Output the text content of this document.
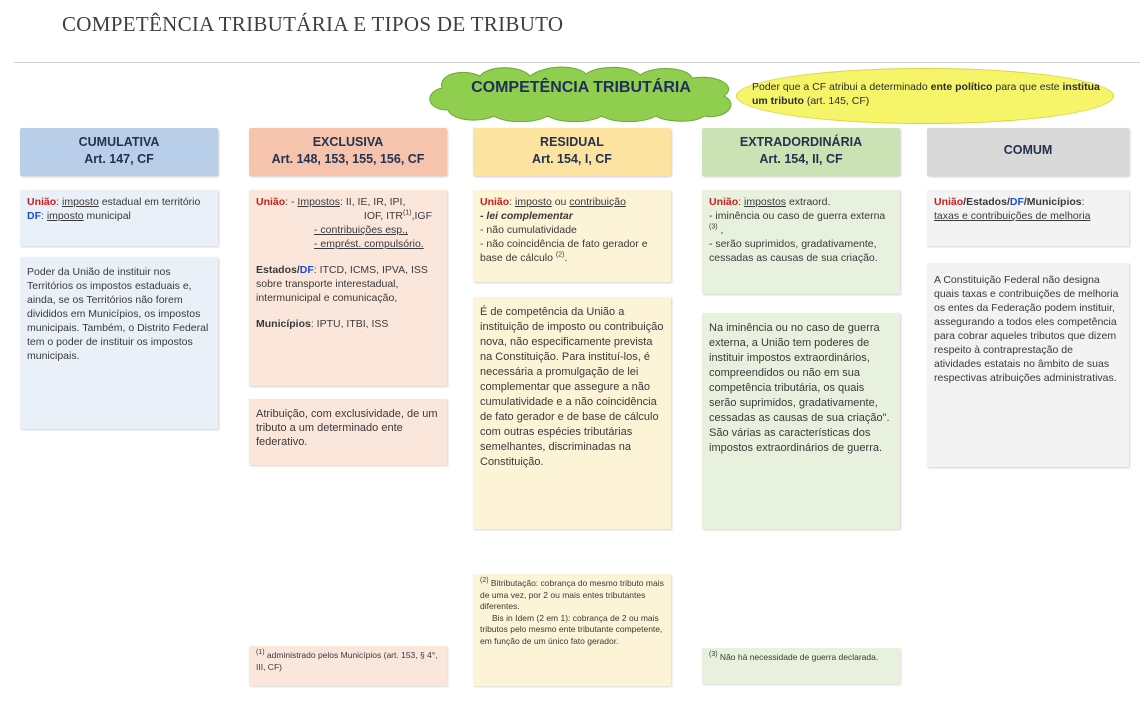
COMPETÊNCIA TRIBUTÁRIA E TIPOS DE TRIBUTO
COMPETÊNCIA TRIBUTÁRIA	Poder que a CF atribui a determinado ente político para que este institua um tributo (art. 145, CF)
CUMULATIVA
Art. 147, CF
EXCLUSIVA
Art. 148, 153, 155, 156, CF
RESIDUAL
Art. 154, I, CF
EXTRADORDINÁRIA
Art. 154, II, CF
COMUM
União: imposto estadual em território
DF: imposto municipal
Poder da União de instituir nos Territórios os impostos estaduais e, ainda, se os Territórios não forem divididos em Municípios, os impostos municipais. Também, o Distrito Federal tem o poder de instituir os impostos municipais.
União: - Impostos: II, IE, IR, IPI,
IOF, ITR$^{(1)}$,IGF
- contribuições esp.,
- emprést. compulsório.
Estados/DF: ITCD, ICMS, IPVA, ISS sobre transporte interestadual, intermunicipal e comunicação,
Municípios: IPTU, ITBI, ISS
Atribuição, com exclusividade, de um tributo a um determinado ente federativo.
$^{(1)}$ administrado pelos Municípios (art. 153, § 4°, III, CF)
União: imposto ou contribuição
- lei complementar
- não cumulatividade
- não coincidência de fato gerador e base de cálculo $^{(2)}$.
É de competência da União a instituição de imposto ou contribuição nova, não especificamente prevista na Constituição. Para instituí-los, é necessária a promulgação de lei complementar que assegure a não cumulatividade e a não coincidência de fato gerador e de base de cálculo com outras espécies tributárias semelhantes, discriminadas na Constituição.
$^{(2)}$ Bitributação: cobrança do mesmo tributo mais de uma vez, por 2 ou mais entes tributantes diferentes.
Bis in Idem (2 em 1): cobrança de 2 ou mais tributos pelo mesmo ente tributante competente, em função de um único fato gerador.
União: impostos extraord.
- iminência ou caso de guerra externa $^{(3)}$ ,
- serão suprimidos, gradativamente, cessadas as causas de sua criação.
Na iminência ou no caso de guerra externa, a União tem poderes de instituir impostos extraordinários, compreendidos ou não em sua competência tributária, os quais serão suprimidos, gradativamente, cessadas as causas de sua criação". São várias as características dos impostos extraordinários de guerra.
$^{(3)}$ Não há necessidade de guerra declarada.
União/Estados/DF/Municípios:
taxas e contribuições de melhoria
A Constituição Federal não designa quais taxas e contribuições de melhoria os entes da Federação podem instituir, assegurando a todos eles competência para cobrar aqueles tributos que dizem respeito à contraprestação de atividades estatais no âmbito de suas respectivas atribuições administrativas.
